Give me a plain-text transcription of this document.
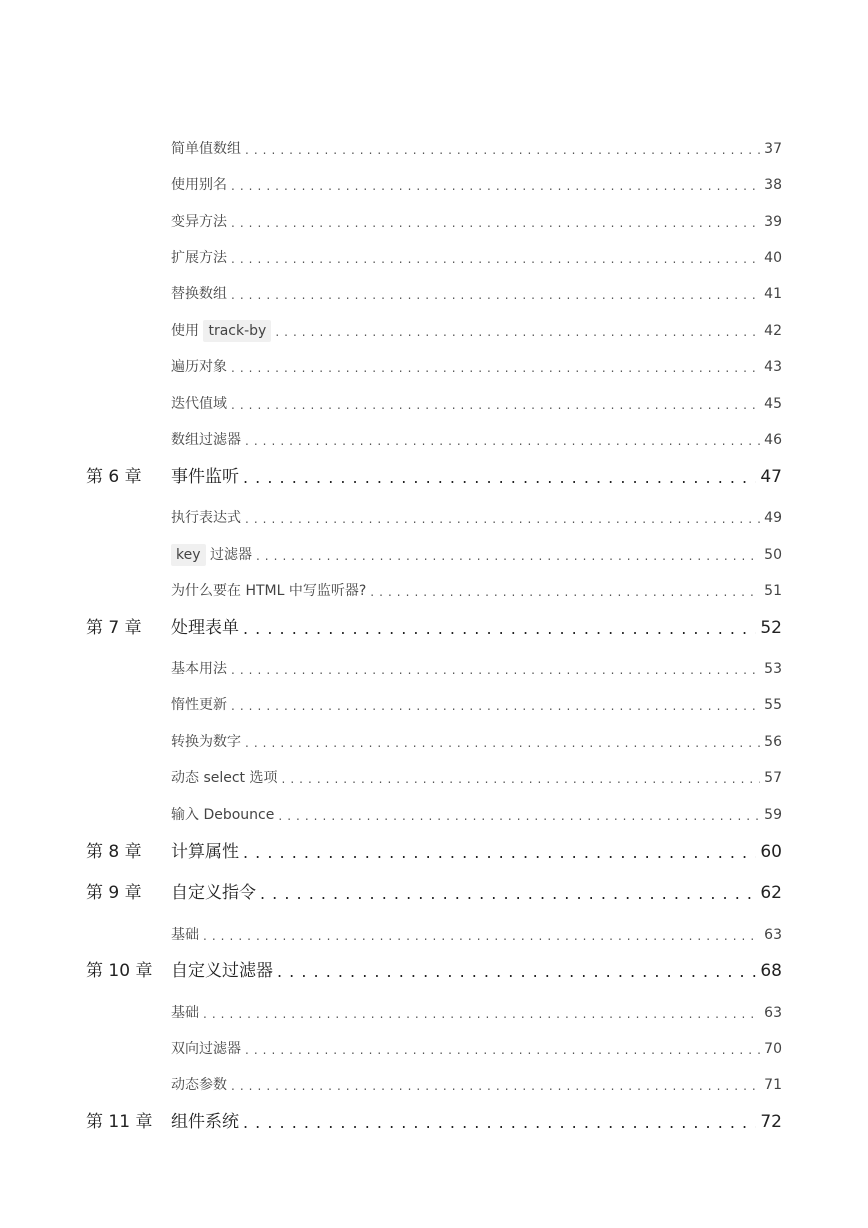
简单值数组 . . .	37
使用别名 . . .	38
变异方法 . . .	39
扩展方法 . . .	40
替换数组 . . .	41
使用 track-by . . .	42
遍历对象 . . .	43
迭代值域 . . .	45
数组过滤器 . . .	46
第 6 章 事件监听 . . .	47
执行表达式 . . .	49
key 过滤器 . . .	50
为什么要在 HTML 中写监听器? . . .	51
第 7 章 处理表单 . . .	52
基本用法 . . .	53
惰性更新 . . .	55
转换为数字 . . .	56
动态 select 选项 . . .	57
输入 Debounce . . .	59
第 8 章 计算属性 . . .	60
第 9 章 自定义指令 . . .	62
基础 . . .	63
第 10 章 自定义过滤器 . . .	68
基础 . . .	63
双向过滤器 . . .	70
动态参数 . . .	71
第 11 章 组件系统 . . .	72
